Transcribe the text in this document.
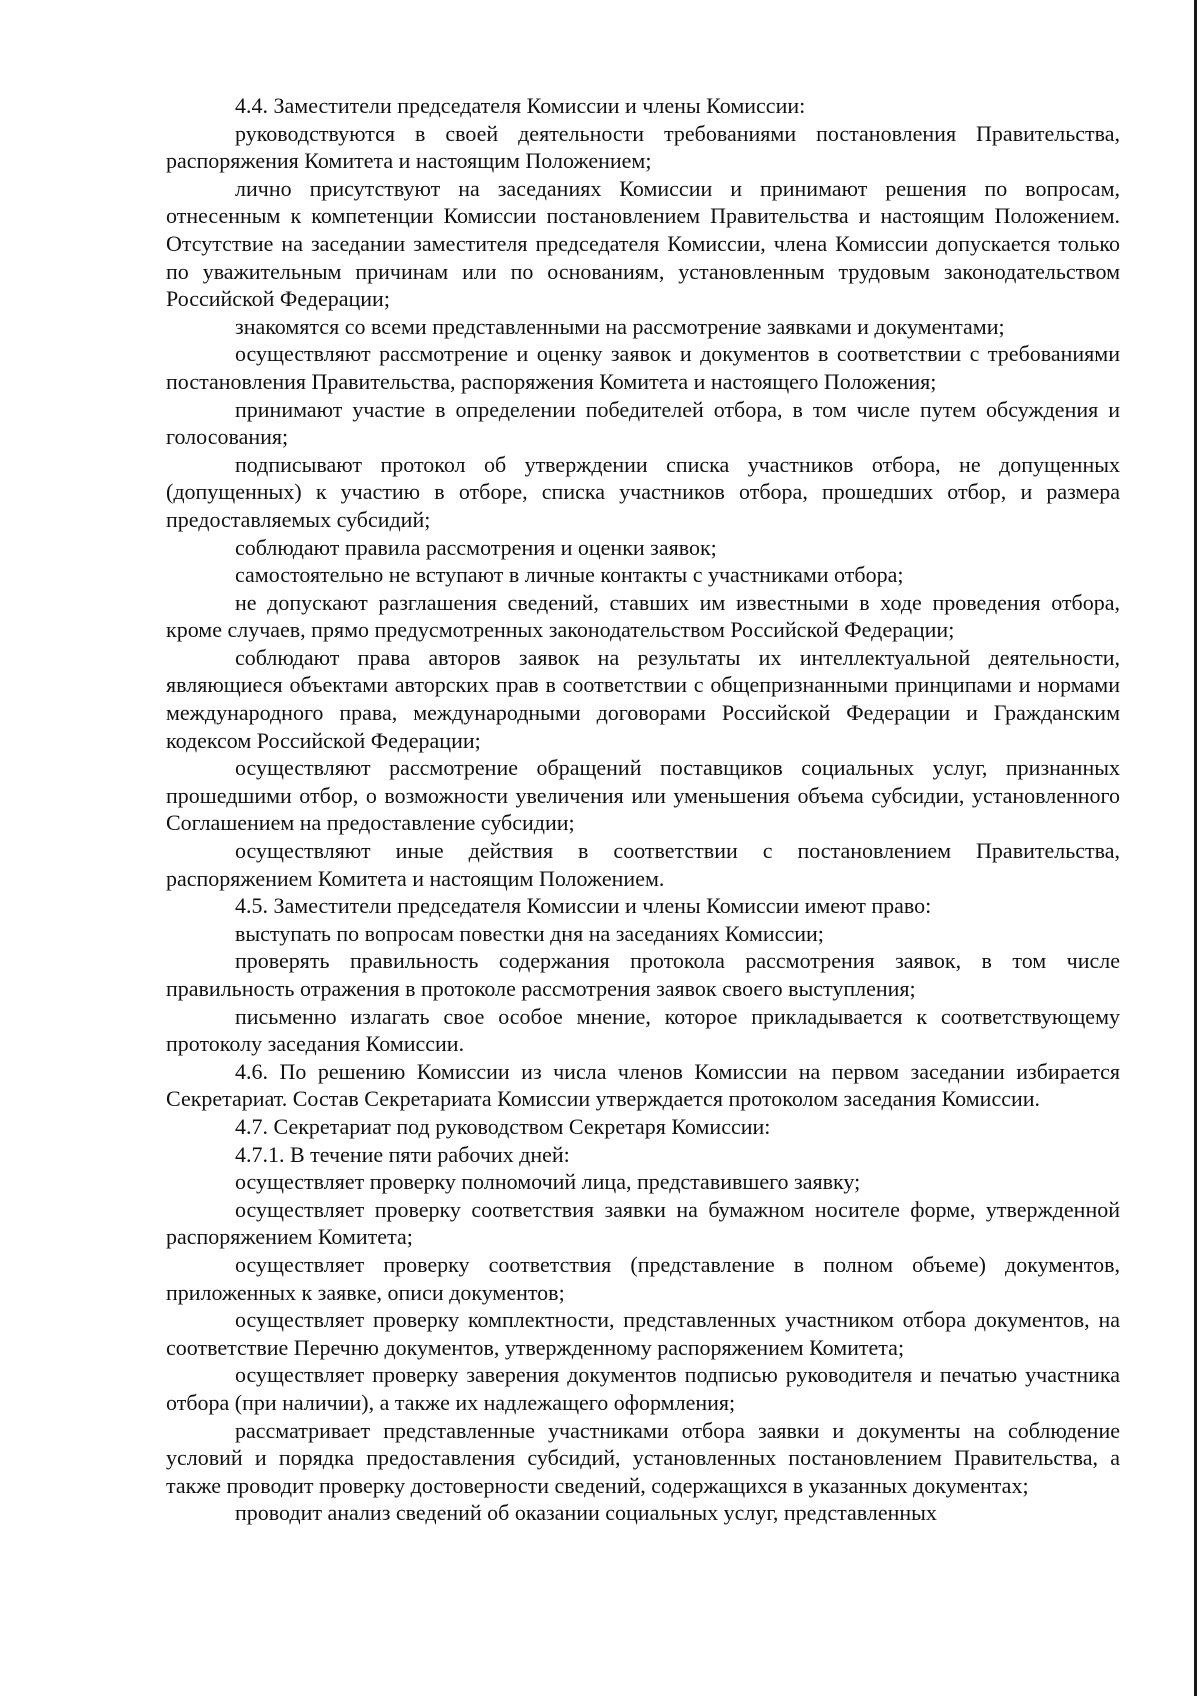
4.4. Заместители председателя Комиссии и члены Комиссии:

руководствуются в своей деятельности требованиями постановления Правительства, распоряжения Комитета и настоящим Положением;

лично присутствуют на заседаниях Комиссии и принимают решения по вопросам, отнесенным к компетенции Комиссии постановлением Правительства и настоящим Положением. Отсутствие на заседании заместителя председателя Комиссии, члена Комиссии допускается только по уважительным причинам или по основаниям, установленным трудовым законодательством Российской Федерации;

знакомятся со всеми представленными на рассмотрение заявками и документами;

осуществляют рассмотрение и оценку заявок и документов в соответствии с требованиями постановления Правительства, распоряжения Комитета и настоящего Положения;

принимают участие в определении победителей отбора, в том числе путем обсуждения и голосования;

подписывают протокол об утверждении списка участников отбора, не допущенных (допущенных) к участию в отборе, списка участников отбора, прошедших отбор, и размера предоставляемых субсидий;

соблюдают правила рассмотрения и оценки заявок;

самостоятельно не вступают в личные контакты с участниками отбора;

не допускают разглашения сведений, ставших им известными в ходе проведения отбора, кроме случаев, прямо предусмотренных законодательством Российской Федерации;

соблюдают права авторов заявок на результаты их интеллектуальной деятельности, являющиеся объектами авторских прав в соответствии с общепризнанными принципами и нормами международного права, международными договорами Российской Федерации и Гражданским кодексом Российской Федерации;

осуществляют рассмотрение обращений поставщиков социальных услуг, признанных прошедшими отбор, о возможности увеличения или уменьшения объема субсидии, установленного Соглашением на предоставление субсидии;

осуществляют иные действия в соответствии с постановлением Правительства, распоряжением Комитета и настоящим Положением.

4.5. Заместители председателя Комиссии и члены Комиссии имеют право:

выступать по вопросам повестки дня на заседаниях Комиссии;

проверять правильность содержания протокола рассмотрения заявок, в том числе правильность отражения в протоколе рассмотрения заявок своего выступления;

письменно излагать свое особое мнение, которое прикладывается к соответствующему протоколу заседания Комиссии.

4.6. По решению Комиссии из числа членов Комиссии на первом заседании избирается Секретариат. Состав Секретариата Комиссии утверждается протоколом заседания Комиссии.

4.7. Секретариат под руководством Секретаря Комиссии:

4.7.1. В течение пяти рабочих дней:

осуществляет проверку полномочий лица, представившего заявку;

осуществляет проверку соответствия заявки на бумажном носителе форме, утвержденной распоряжением Комитета;

осуществляет проверку соответствия (представление в полном объеме) документов, приложенных к заявке, описи документов;

осуществляет проверку комплектности, представленных участником отбора документов, на соответствие Перечню документов, утвержденному распоряжением Комитета;

осуществляет проверку заверения документов подписью руководителя и печатью участника отбора (при наличии), а также их надлежащего оформления;

рассматривает представленные участниками отбора заявки и документы на соблюдение условий и порядка предоставления субсидий, установленных постановлением Правительства, а также проводит проверку достоверности сведений, содержащихся в указанных документах;

проводит анализ сведений об оказании социальных услуг, представленных
